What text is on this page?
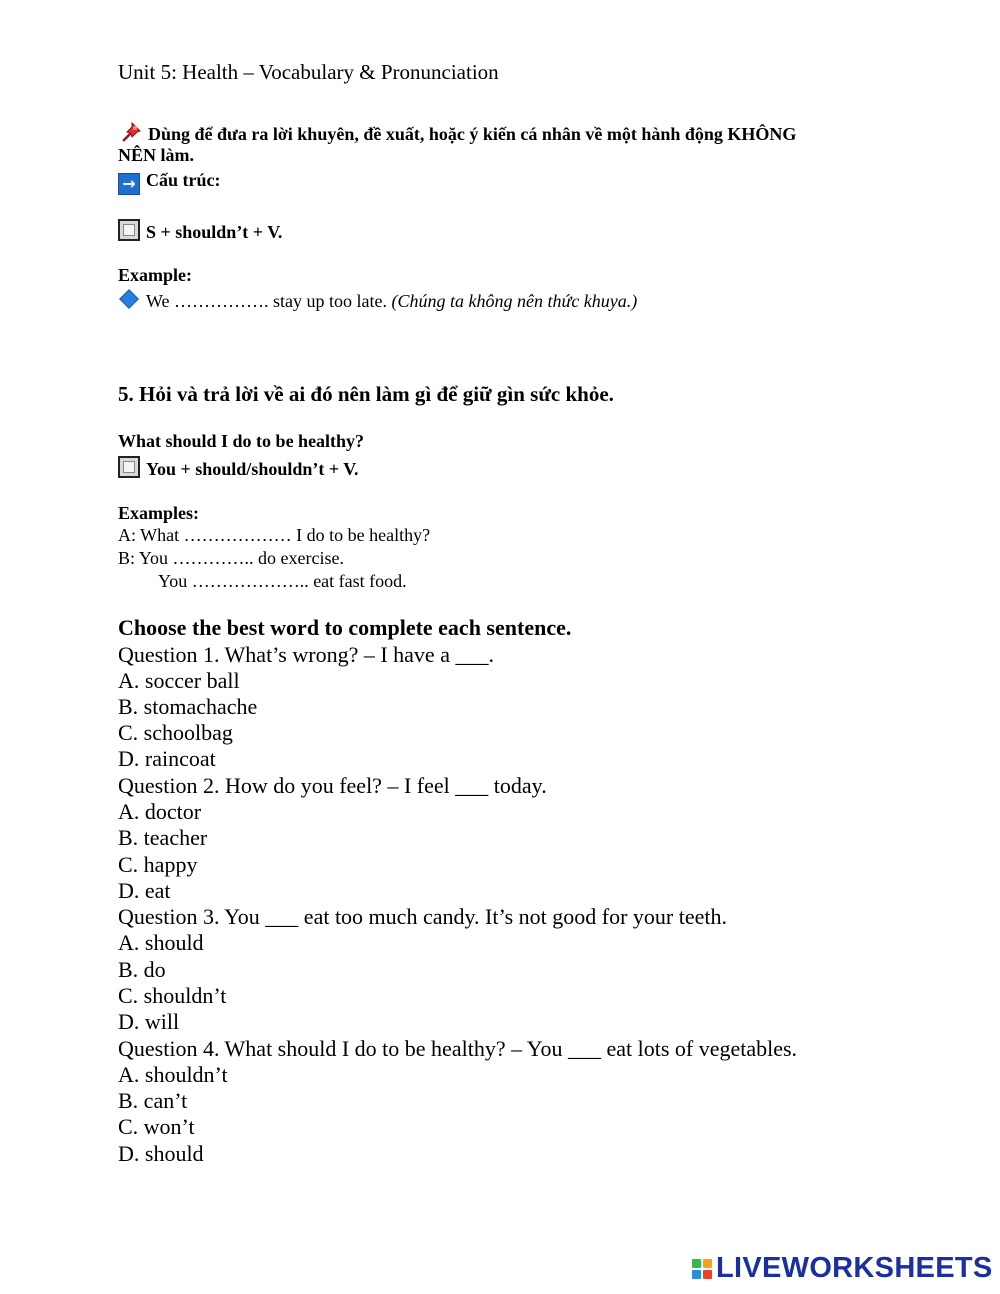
Unit 5: Health – Vocabulary & Pronunciation
Dùng để đưa ra lời khuyên, đề xuất, hoặc ý kiến cá nhân về một hành động KHÔNG
NÊN làm.
→ Cấu trúc:
S + shouldn’t + V.
Example:
We ……………. stay up too late. (Chúng ta không nên thức khuya.)
5. Hỏi và trả lời về ai đó nên làm gì để giữ gìn sức khỏe.
What should I do to be healthy?
You + should/shouldn’t + V.
Examples:
A: What ……………… I do to be healthy?
B: You ………….. do exercise.
You ……………….. eat fast food.
Choose the best word to complete each sentence.
Question 1. What’s wrong? – I have a ___.
A. soccer ball
B. stomachache
C. schoolbag
D. raincoat
Question 2. How do you feel? – I feel ___ today.
A. doctor
B. teacher
C. happy
D. eat
Question 3. You ___ eat too much candy. It’s not good for your teeth.
A. should
B. do
C. shouldn’t
D. will
Question 4. What should I do to be healthy? – You ___ eat lots of vegetables.
A. shouldn’t
B. can’t
C. won’t
D. should
LIVEWORKSHEETS
